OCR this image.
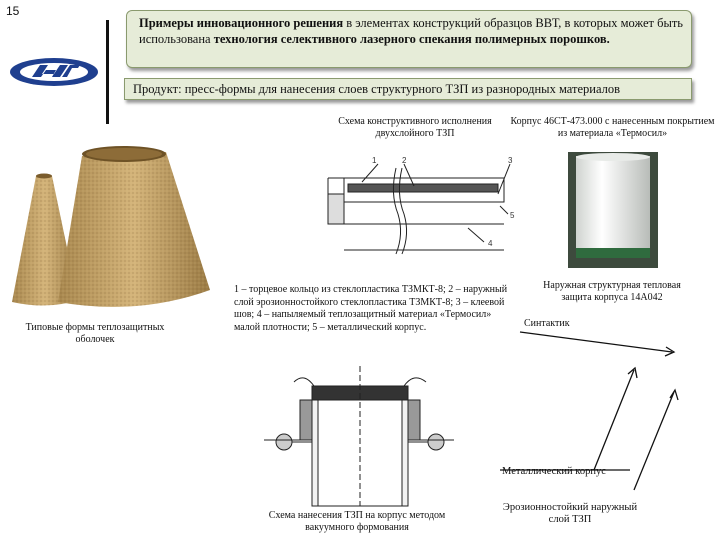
15
Примеры инновационного решения в элементах конструкций образцов ВВТ, в которых может быть использована технология селективного лазерного спекания полимерных порошков.
Продукт: пресс-формы для нанесения слоев структурного ТЗП из разнородных материалов
Схема конструктивного исполнения двухслойного ТЗП
Корпус 46СТ-473.000 с нанесенным покрытием из материала «Термосил»
Типовые формы теплозащитных оболочек
1	2	3
4
5
1 – торцевое кольцо из стеклопластика ТЗМКТ-8; 2 – наружный слой эрозионностойкого стеклопластика ТЗМКТ-8; 3 – клеевой шов; 4 – напыляемый теплозащитный материал «Термосил» малой плотности; 5 – металлический корпус.
Наружная структурная тепловая защита корпуса 14А042
Синтактик
Схема нанесения ТЗП на корпус методом вакуумного формования
Металлический корпус
Эрозионностойкий наружный слой ТЗП
